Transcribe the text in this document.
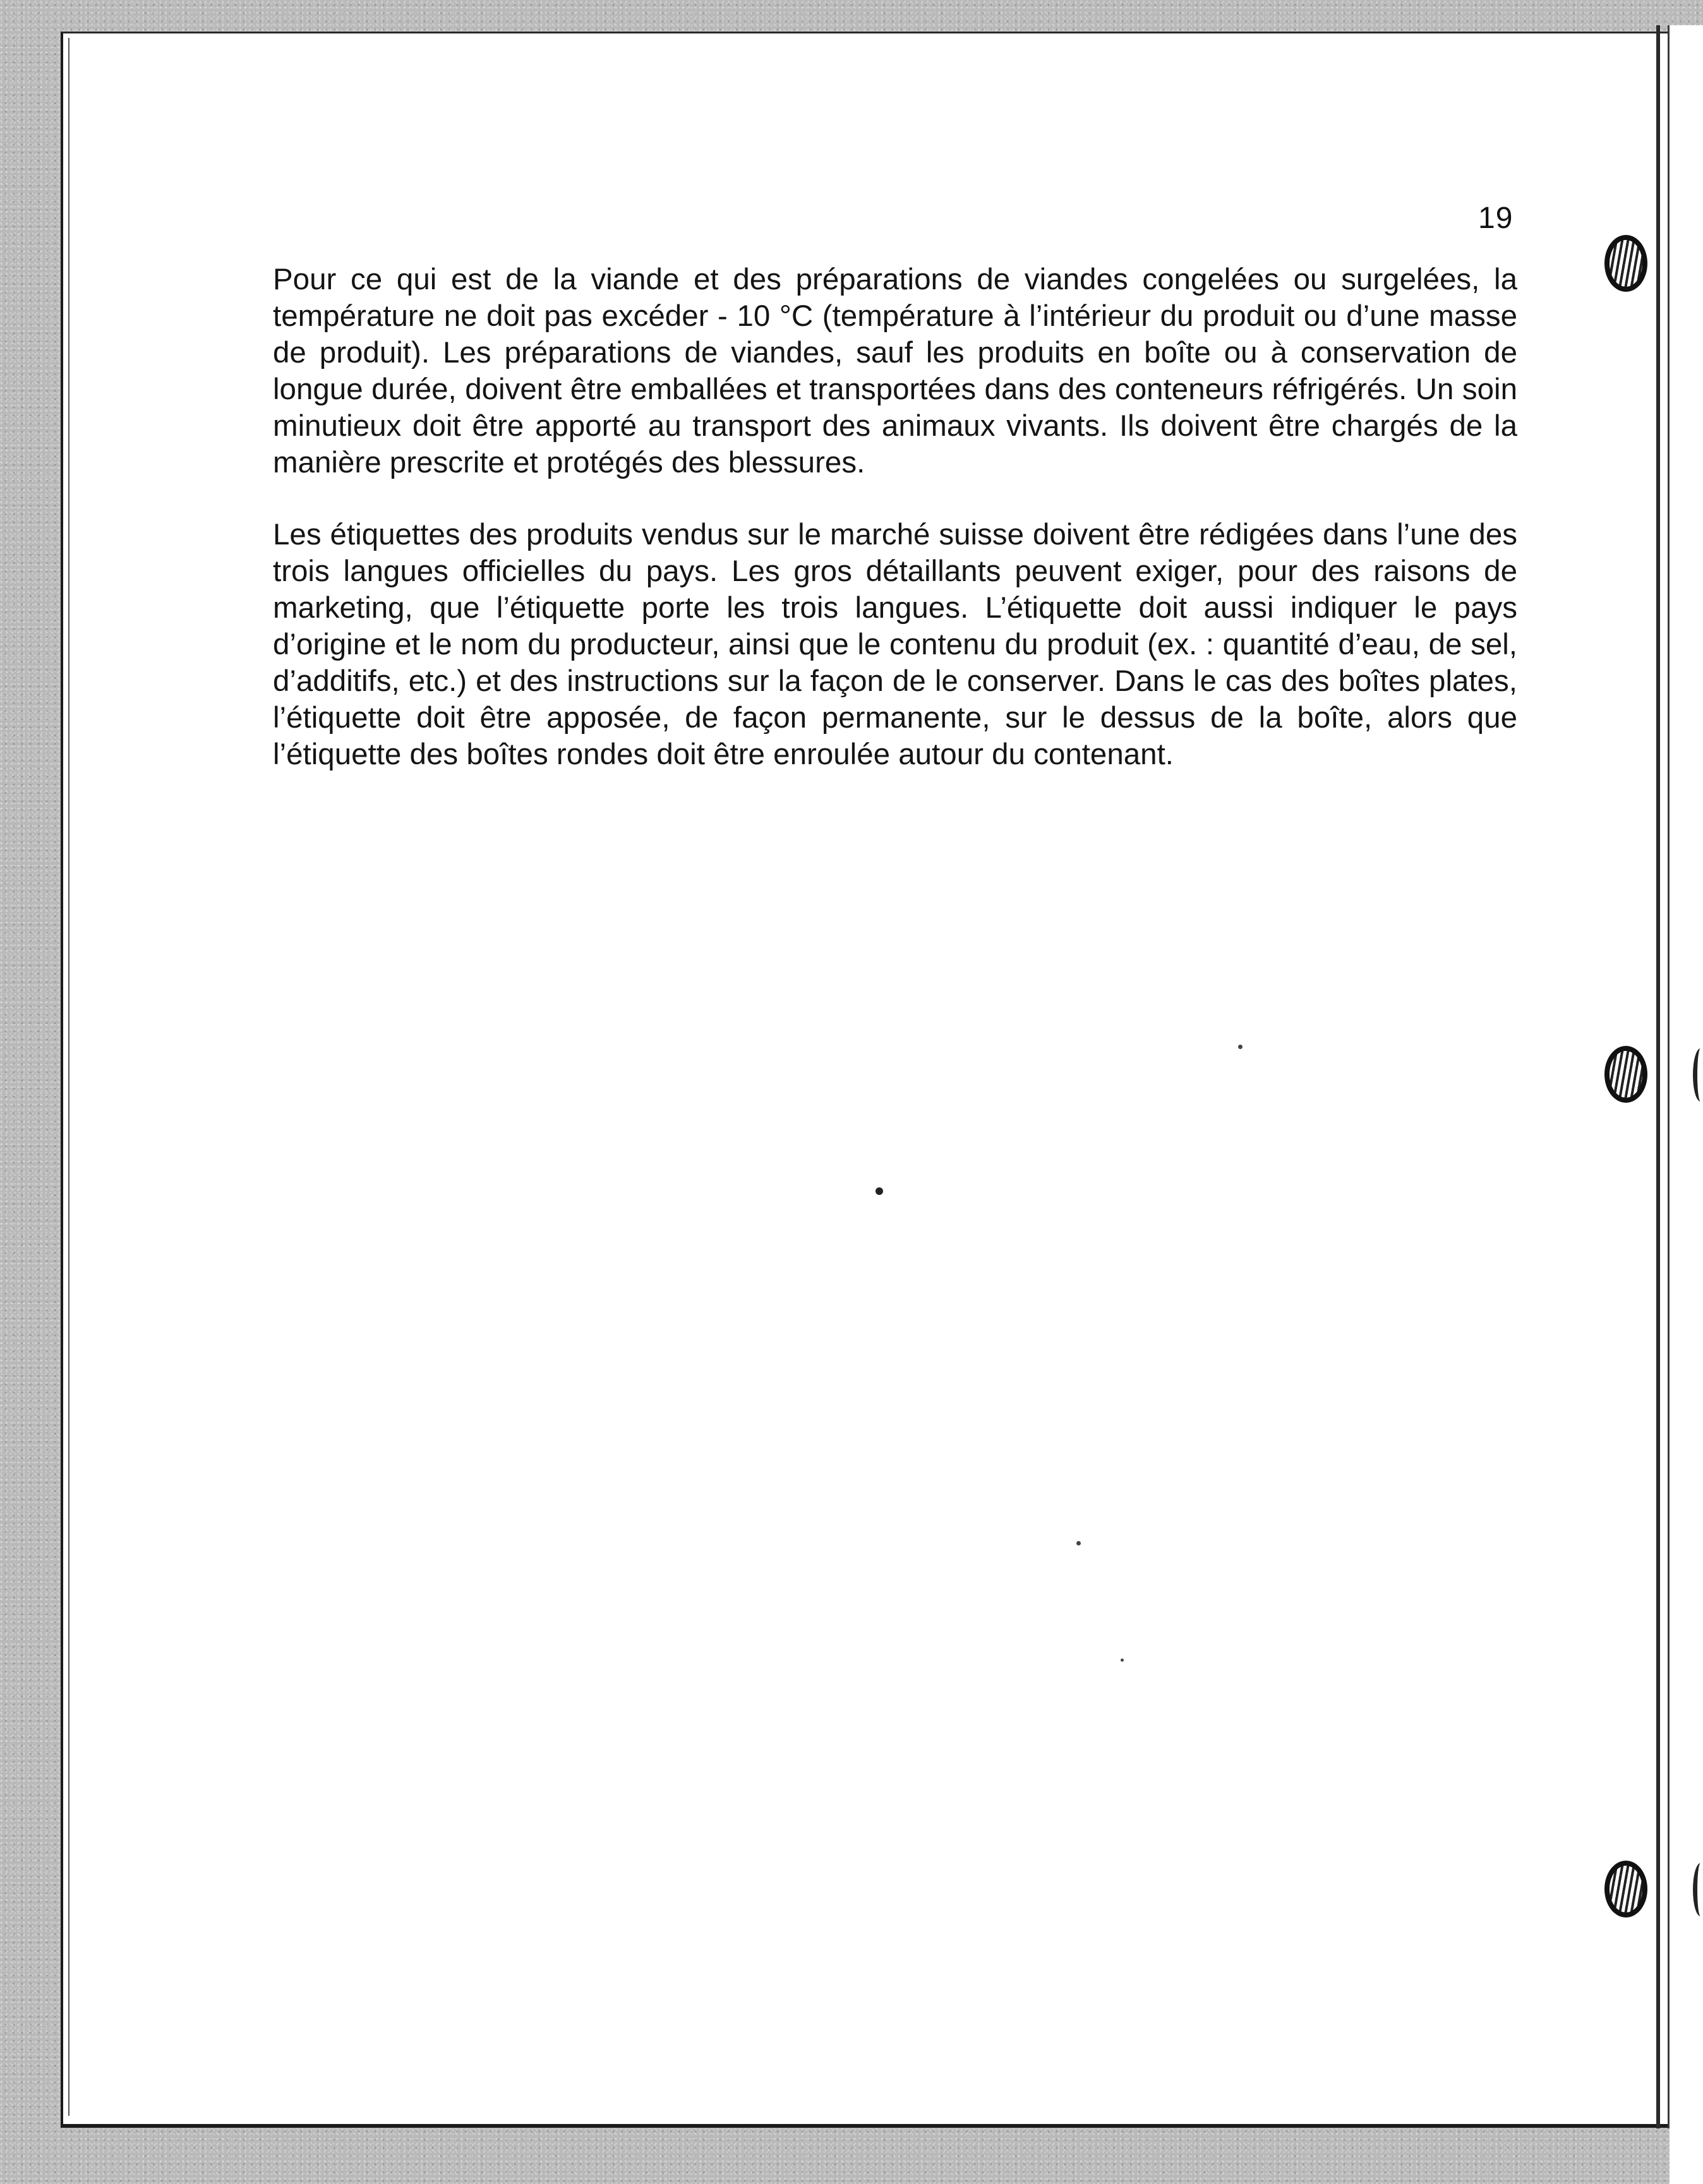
19

Pour ce qui est de la viande et des préparations de viandes congelées ou surgelées, la température ne doit pas excéder - 10 °C (température à l’intérieur du produit ou d’une masse de produit). Les préparations de viandes, sauf les produits en boîte ou à conservation de longue durée, doivent être emballées et transportées dans des conteneurs réfrigérés. Un soin minutieux doit être apporté au transport des animaux vivants. Ils doivent être chargés de la manière prescrite et protégés des blessures.

Les étiquettes des produits vendus sur le marché suisse doivent être rédigées dans l’une des trois langues officielles du pays. Les gros détaillants peuvent exiger, pour des raisons de marketing, que l’étiquette porte les trois langues. L’étiquette doit aussi indiquer le pays d’origine et le nom du producteur, ainsi que le contenu du produit (ex. : quantité d’eau, de sel, d’additifs, etc.) et des instructions sur la façon de le conserver. Dans le cas des boîtes plates, l’étiquette doit être apposée, de façon permanente, sur le dessus de la boîte, alors que l’étiquette des boîtes rondes doit être enroulée autour du contenant.
